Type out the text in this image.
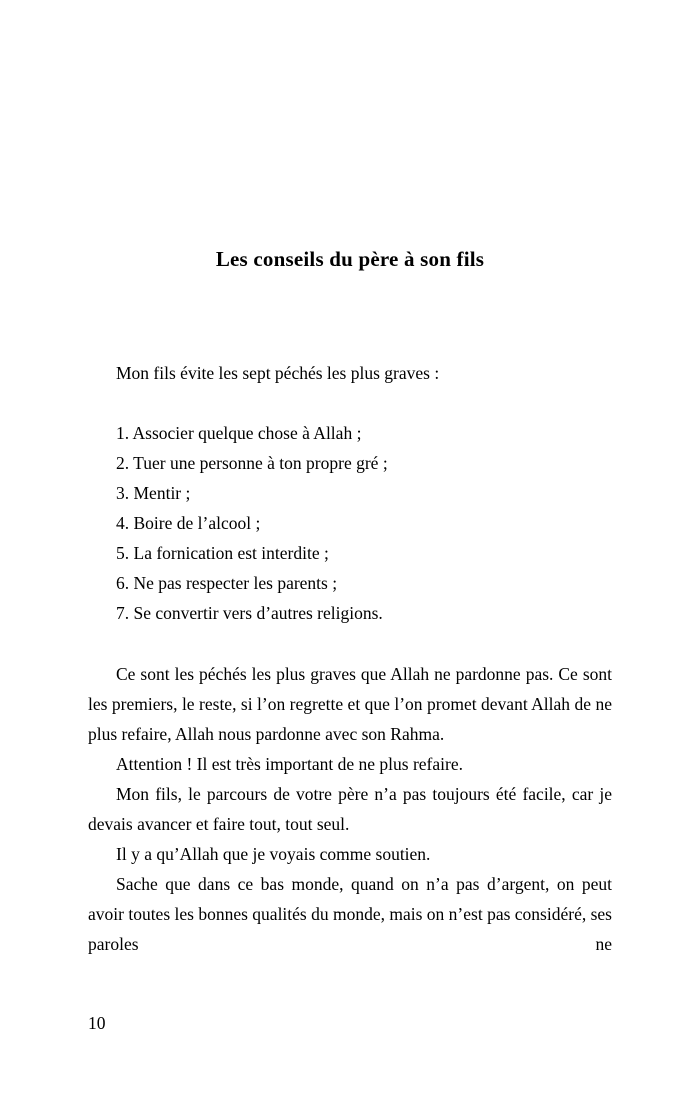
Les conseils du père à son fils
Mon fils évite les sept péchés les plus graves :
1. Associer quelque chose à Allah ;
2. Tuer une personne à ton propre gré ;
3. Mentir ;
4. Boire de l’alcool ;
5. La fornication est interdite ;
6. Ne pas respecter les parents ;
7. Se convertir vers d’autres religions.

Ce sont les péchés les plus graves que Allah ne pardonne pas. Ce sont les premiers, le reste, si l’on regrette et que l’on promet devant Allah de ne plus refaire, Allah nous pardonne avec son Rahma.

Attention ! Il est très important de ne plus refaire.

Mon fils, le parcours de votre père n’a pas toujours été facile, car je devais avancer et faire tout, tout seul.

Il y a qu’Allah que je voyais comme soutien.

Sache que dans ce bas monde, quand on n’a pas d’argent, on peut avoir toutes les bonnes qualités du monde, mais on n’est pas considéré, ses paroles ne

10
